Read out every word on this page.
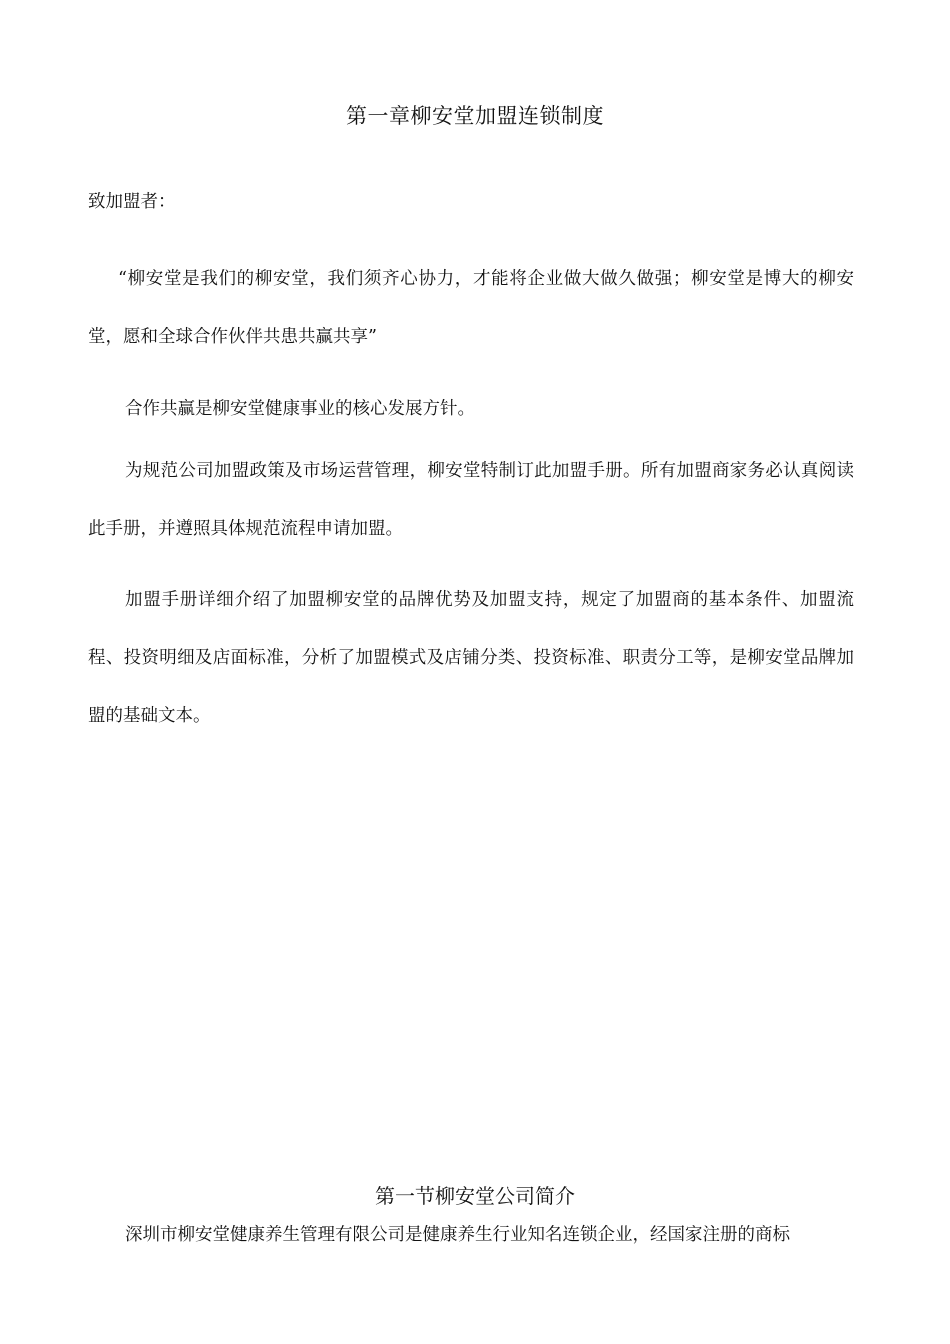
第一章柳安堂加盟连锁制度
致加盟者：
“柳安堂是我们的柳安堂，我们须齐心协力，才能将企业做大做久做强；柳安堂是博大的柳安堂，愿和全球合作伙伴共患共赢共享”
合作共赢是柳安堂健康事业的核心发展方针。
为规范公司加盟政策及市场运营管理，柳安堂特制订此加盟手册。所有加盟商家务必认真阅读此手册，并遵照具体规范流程申请加盟。
加盟手册详细介绍了加盟柳安堂的品牌优势及加盟支持，规定了加盟商的基本条件、加盟流程、投资明细及店面标准，分析了加盟模式及店铺分类、投资标准、职责分工等，是柳安堂品牌加盟的基础文本。
第一节柳安堂公司简介
深圳市柳安堂健康养生管理有限公司是健康养生行业知名连锁企业，经国家注册的商标
